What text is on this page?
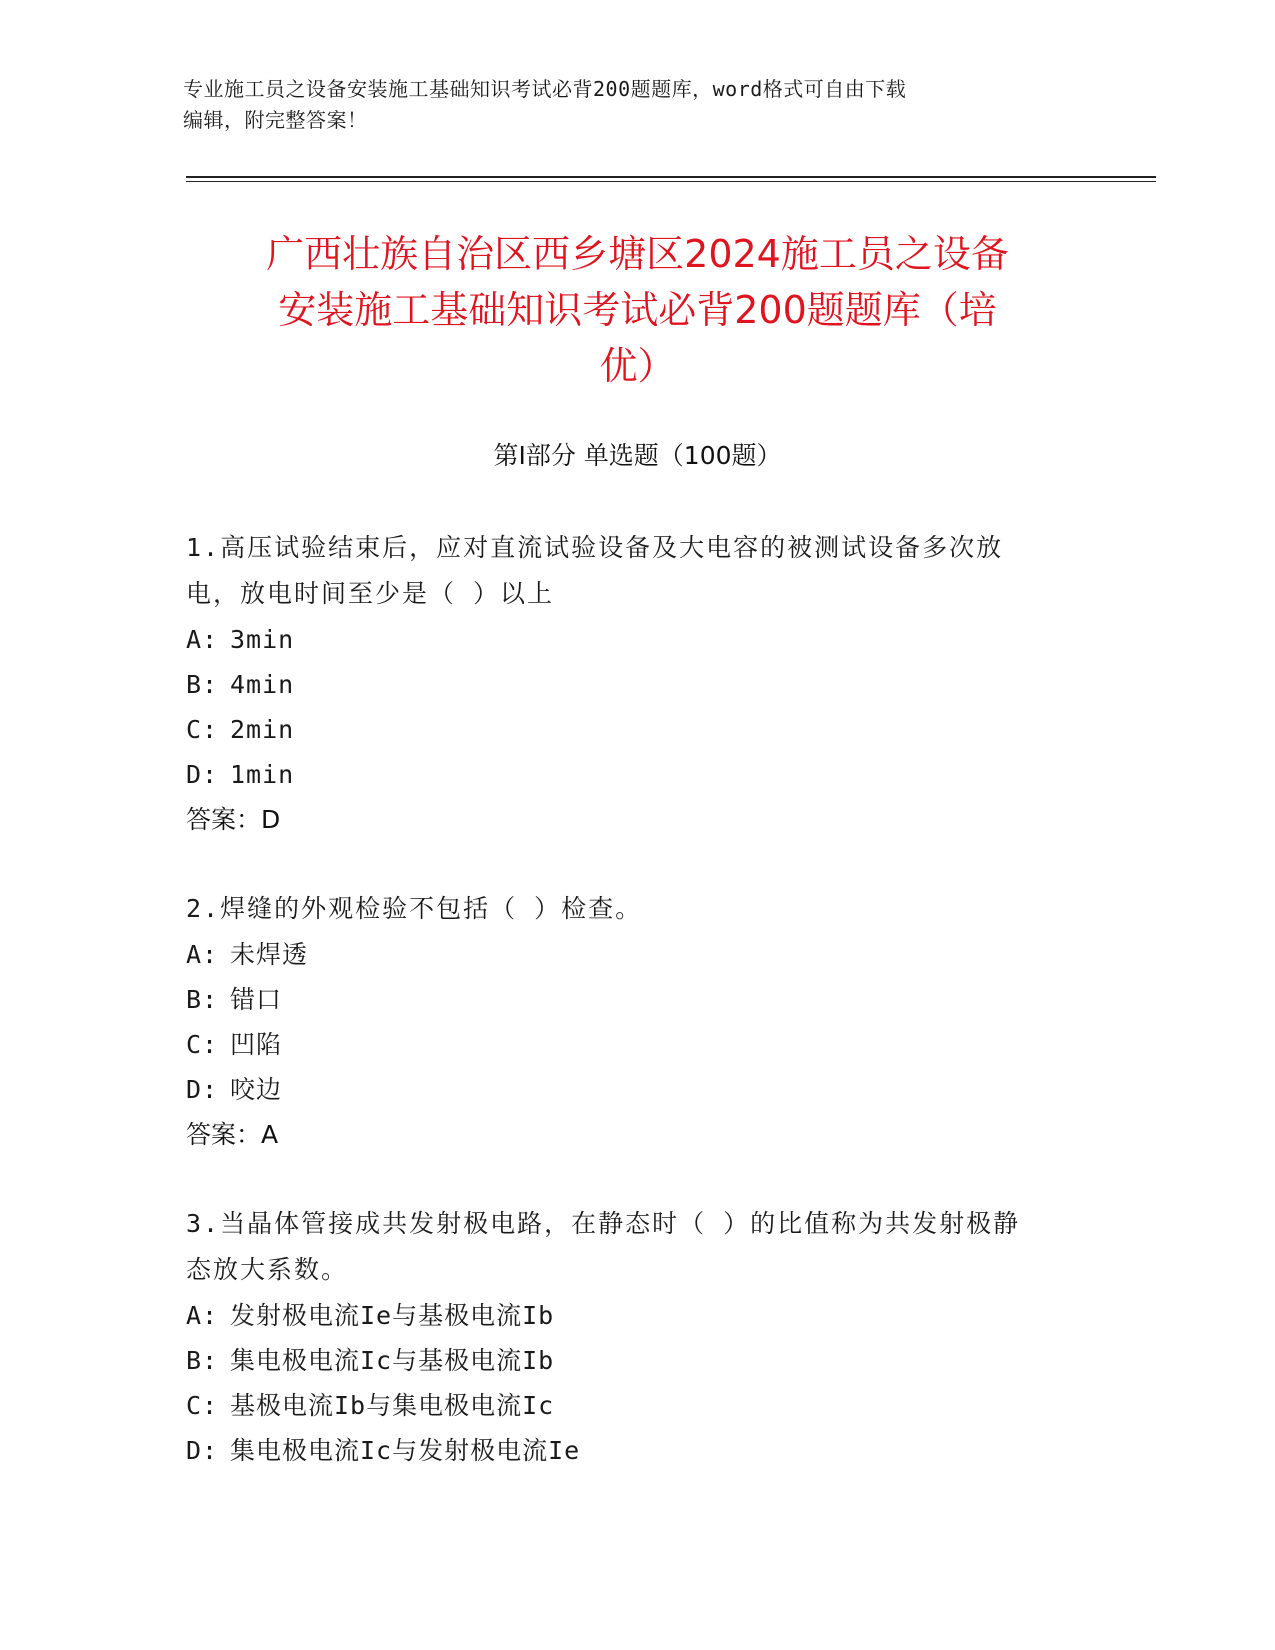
专业施工员之设备安装施工基础知识考试必背200题题库，word格式可自由下载
编辑，附完整答案！
广西壮族自治区西乡塘区2024施工员之设备
安装施工基础知识考试必背200题题库（培
优）
第Ⅰ部分 单选题（100题）
1.高压试验结束后，应对直流试验设备及大电容的被测试设备多次放
电，放电时间至少是（ ）以上
A: 3min
B: 4min
C: 2min
D: 1min
答案：D
2.焊缝的外观检验不包括（ ）检查。
A: 未焊透
B: 错口
C: 凹陷
D: 咬边
答案：A
3.当晶体管接成共发射极电路，在静态时（ ）的比值称为共发射极静
态放大系数。
A: 发射极电流Ie与基极电流Ib
B: 集电极电流Ic与基极电流Ib
C: 基极电流Ib与集电极电流Ic
D: 集电极电流Ic与发射极电流Ie
